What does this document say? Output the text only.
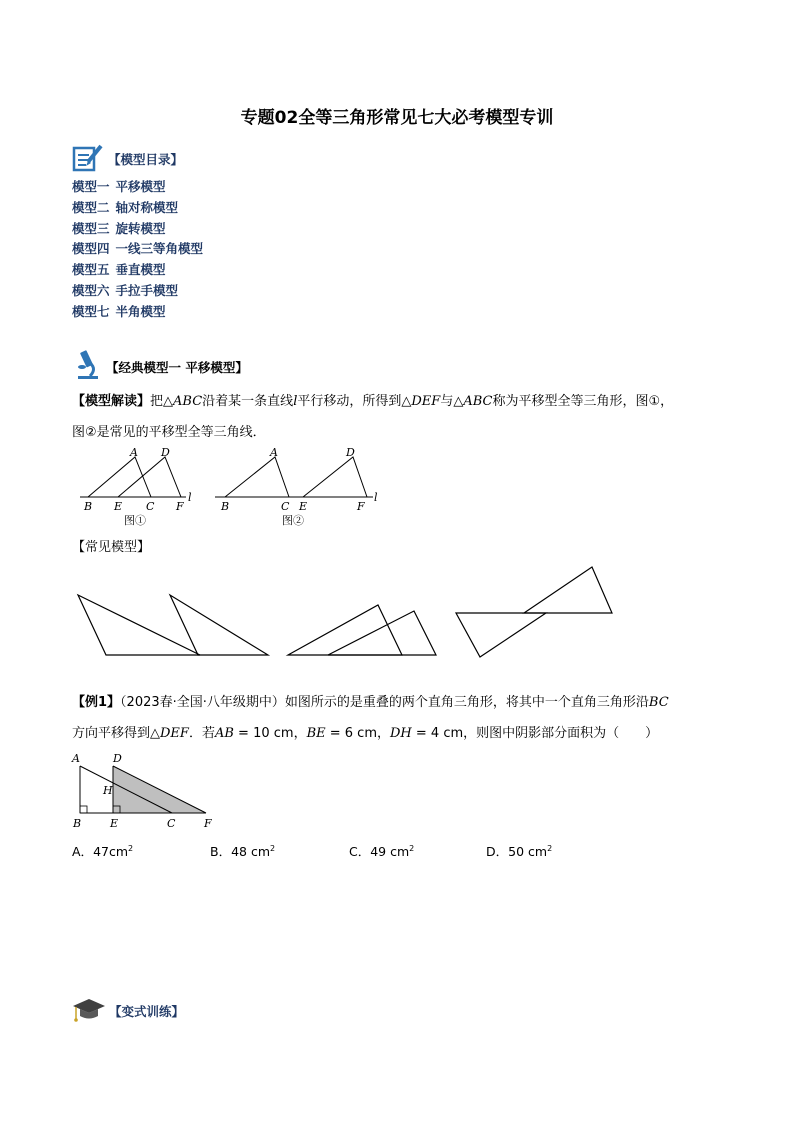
专题02全等三角形常见七大必考模型专训
【模型目录】
模型一 平移模型
模型二 轴对称模型
模型三 旋转模型
模型四 一线三等角模型
模型五 垂直模型
模型六 手拉手模型
模型七 半角模型
【经典模型一 平移模型】
【模型解读】把△ABC沿着某一条直线l平行移动，所得到△DEF与△ABC称为平移型全等三角形，图①，
图②是常见的平移型全等三角线．
A D
B E C F
l
图①
A	D
B	C E	F
l
图②
【常见模型】
【例1】（2023春·全国·八年级期中）如图所示的是重叠的两个直角三角形，将其中一个直角三角形沿BC
方向平移得到△DEF．若AB = 10 cm，BE = 6 cm，DH = 4 cm，则图中阴影部分面积为（　　）
A	D
H
B	E	C	F
A．$47cm^2$	B．48 $cm^2$	C．49 $cm^2$	D．50 $cm^2$
【变式训练】
